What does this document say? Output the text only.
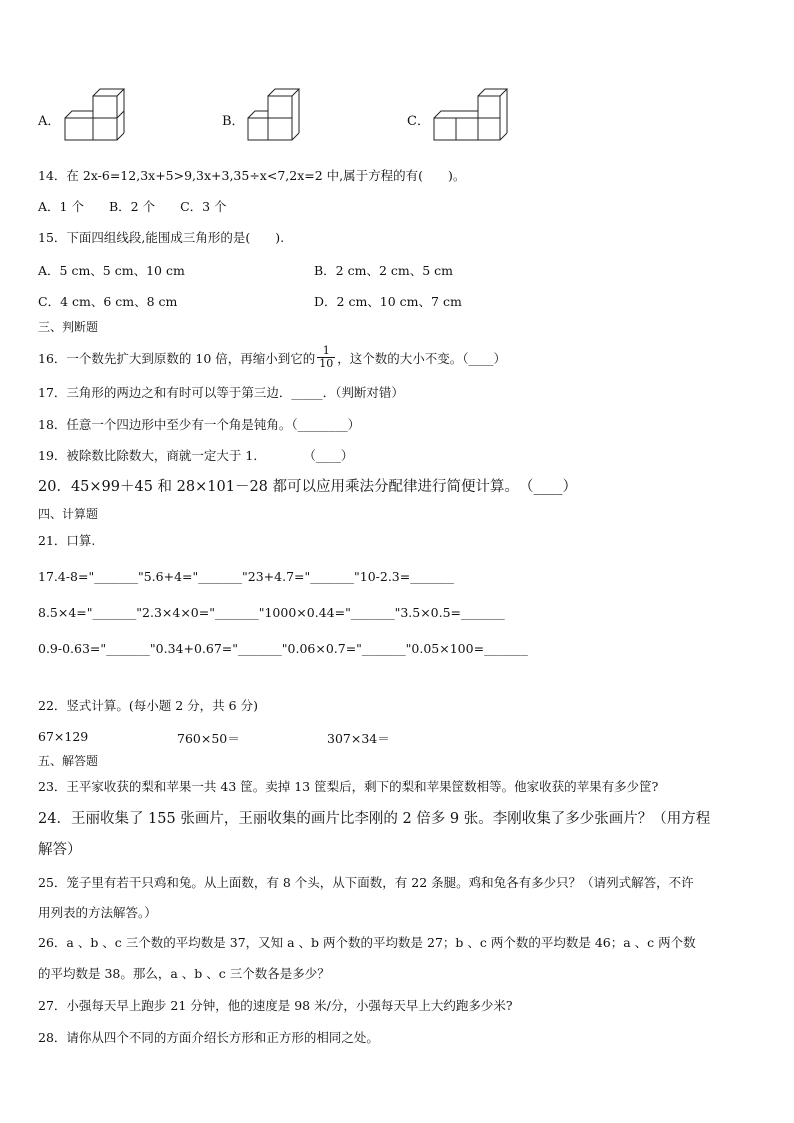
A．	B．	C．
14．在 2x-6=12,3x+5>9,3x+3,35÷x<7,2x=2 中,属于方程的有(　　)。
A．1 个　　B．2 个　　C．3 个
15．下面四组线段,能围成三角形的是(　　).
A．5 cm、5 cm、10 cm	B．2 cm、2 cm、5 cm
C．4 cm、6 cm、8 cm	D．2 cm、10 cm、7 cm
三、判断题
16．一个数先扩大到原数的 10 倍，再缩小到它的 $\frac{1}{10}$ ，这个数的大小不变。（____）
17．三角形的两边之和有时可以等于第三边．_____．（判断对错）
18．任意一个四边形中至少有一个角是钝角。（________）
19．被除数比除数大，商就一定大于 1．　　　　（____）
20．45×99＋45 和 28×101－28 都可以应用乘法分配律进行简便计算。　（____）
四、计算题
21．口算.
17.4-8="_______"5.6+4="_______"23+4.7="_______"10-2.3=_______
8.5×4="_______"2.3×4×0="_______"1000×0.44="_______"3.5×0.5=_______
0.9-0.63="_______"0.34+0.67="_______"0.06×0.7="_______"0.05×100=_______
22．竖式计算。(每小题 2 分，共 6 分)
67×129	760×50＝	307×34＝
五、解答题
23．王平家收获的梨和苹果一共 43 筐。卖掉 13 筐梨后，剩下的梨和苹果筐数相等。他家收获的苹果有多少筐?
24．王丽收集了 155 张画片，王丽收集的画片比李刚的 2 倍多 9 张。李刚收集了多少张画片？（用方程
解答）
25．笼子里有若干只鸡和兔。从上面数，有 8 个头，从下面数，有 22 条腿。鸡和兔各有多少只？（请列式解答，不许
用列表的方法解答。）
26．a 、b 、c 三个数的平均数是 37，又知 a 、b 两个数的平均数是 27；b 、c 两个数的平均数是 46；a 、c 两个数
的平均数是 38。那么，a 、b 、c 三个数各是多少？
27．小强每天早上跑步 21 分钟，他的速度是 98 米/分，小强每天早上大约跑多少米?
28．请你从四个不同的方面介绍长方形和正方形的相同之处。
